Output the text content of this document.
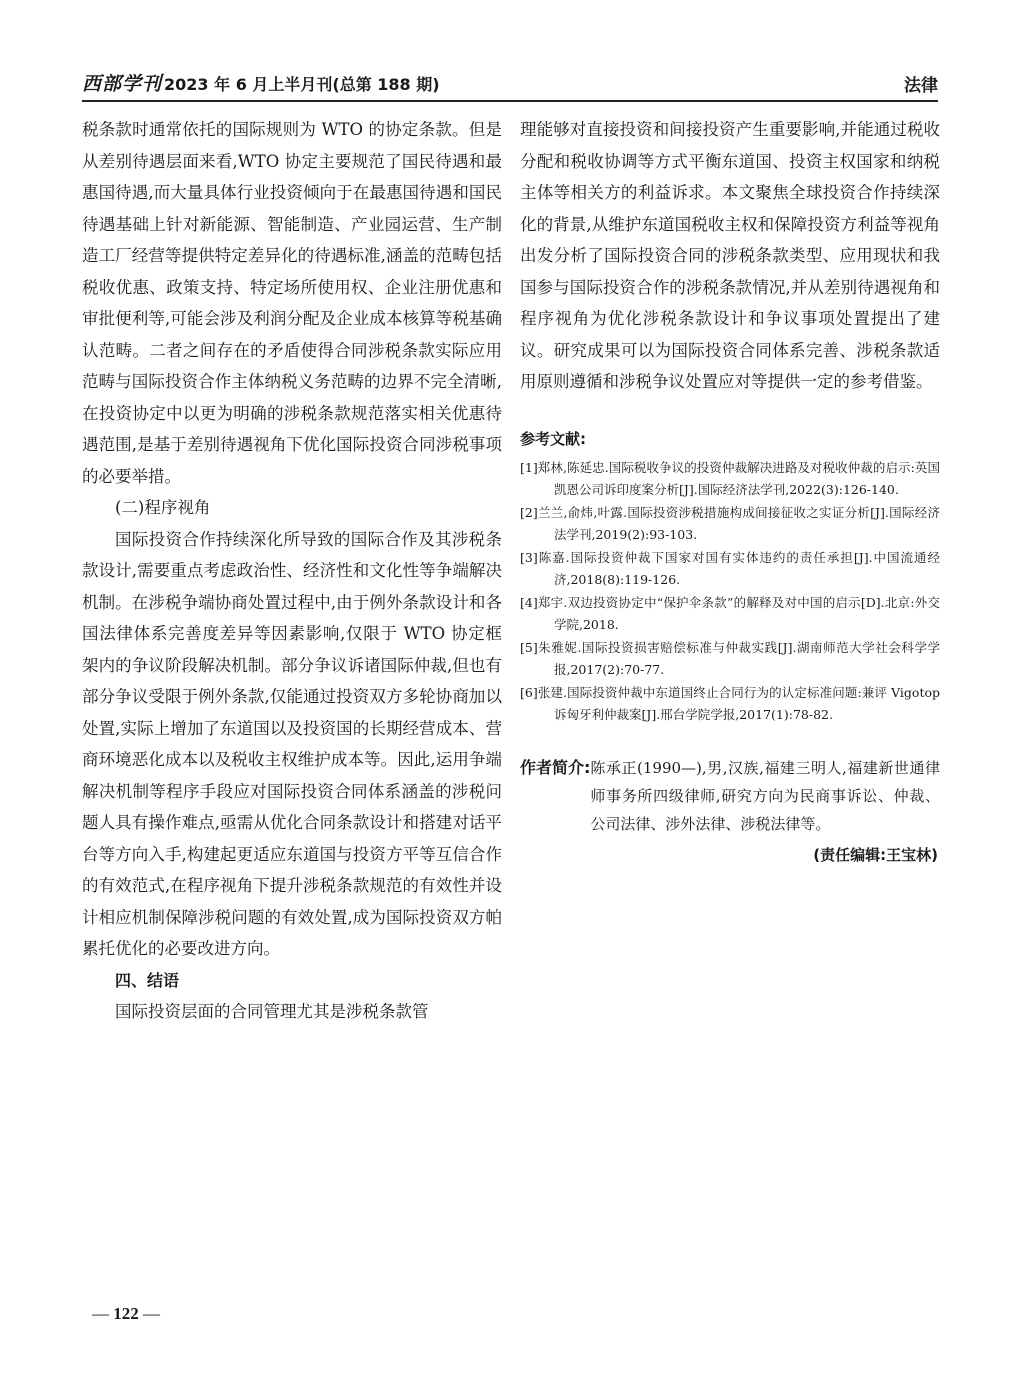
西部学刊 2023 年 6 月上半月刊(总第 188 期)	法律

税条款时通常依托的国际规则为 WTO 的协定条款。但是从差别待遇层面来看,WTO 协定主要规范了国民待遇和最惠国待遇,而大量具体行业投资倾向于在最惠国待遇和国民待遇基础上针对新能源、智能制造、产业园运营、生产制造工厂经营等提供特定差异化的待遇标准,涵盖的范畴包括税收优惠、政策支持、特定场所使用权、企业注册优惠和审批便利等,可能会涉及利润分配及企业成本核算等税基确认范畴。二者之间存在的矛盾使得合同涉税条款实际应用范畴与国际投资合作主体纳税义务范畴的边界不完全清晰,在投资协定中以更为明确的涉税条款规范落实相关优惠待遇范围,是基于差别待遇视角下优化国际投资合同涉税事项的必要举措。

(二)程序视角

国际投资合作持续深化所导致的国际合作及其涉税条款设计,需要重点考虑政治性、经济性和文化性等争端解决机制。在涉税争端协商处置过程中,由于例外条款设计和各国法律体系完善度差异等因素影响,仅限于 WTO 协定框架内的争议阶段解决机制。部分争议诉诸国际仲裁,但也有部分争议受限于例外条款,仅能通过投资双方多轮协商加以处置,实际上增加了东道国以及投资国的长期经营成本、营商环境恶化成本以及税收主权维护成本等。因此,运用争端解决机制等程序手段应对国际投资合同体系涵盖的涉税问题人具有操作难点,亟需从优化合同条款设计和搭建对话平台等方向入手,构建起更适应东道国与投资方平等互信合作的有效范式,在程序视角下提升涉税条款规范的有效性并设计相应机制保障涉税问题的有效处置,成为国际投资双方帕累托优化的必要改进方向。

四、结语

国际投资层面的合同管理尤其是涉税条款管

理能够对直接投资和间接投资产生重要影响,并能通过税收分配和税收协调等方式平衡东道国、投资主权国家和纳税主体等相关方的利益诉求。本文聚焦全球投资合作持续深化的背景,从维护东道国税收主权和保障投资方利益等视角出发分析了国际投资合同的涉税条款类型、应用现状和我国参与国际投资合作的涉税条款情况,并从差别待遇视角和程序视角为优化涉税条款设计和争议事项处置提出了建议。研究成果可以为国际投资合同体系完善、涉税条款适用原则遵循和涉税争议处置应对等提供一定的参考借鉴。

参考文献:
[1]郑林,陈延忠.国际税收争议的投资仲裁解决进路及对税收仲裁的启示:英国凯恩公司诉印度案分析[J].国际经济法学刊,2022(3):126-140.
[2]兰兰,俞炜,叶露.国际投资涉税措施构成间接征收之实证分析[J].国际经济法学刊,2019(2):93-103.
[3]陈嘉.国际投资仲裁下国家对国有实体违约的责任承担[J].中国流通经济,2018(8):119-126.
[4]郑宇.双边投资协定中“保护伞条款”的解释及对中国的启示[D].北京:外交学院,2018.
[5]朱雅妮.国际投资损害赔偿标准与仲裁实践[J].湖南师范大学社会科学学报,2017(2):70-77.
[6]张建.国际投资仲裁中东道国终止合同行为的认定标准问题:兼评 Vigotop 诉匈牙利仲裁案[J].邢台学院学报,2017(1):78-82.
作者简介: 陈承正(1990—),男,汉族,福建三明人,福建新世通律师事务所四级律师,研究方向为民商事诉讼、仲裁、公司法律、涉外法律、涉税法律等。
(责任编辑:王宝林)
— 122 —
